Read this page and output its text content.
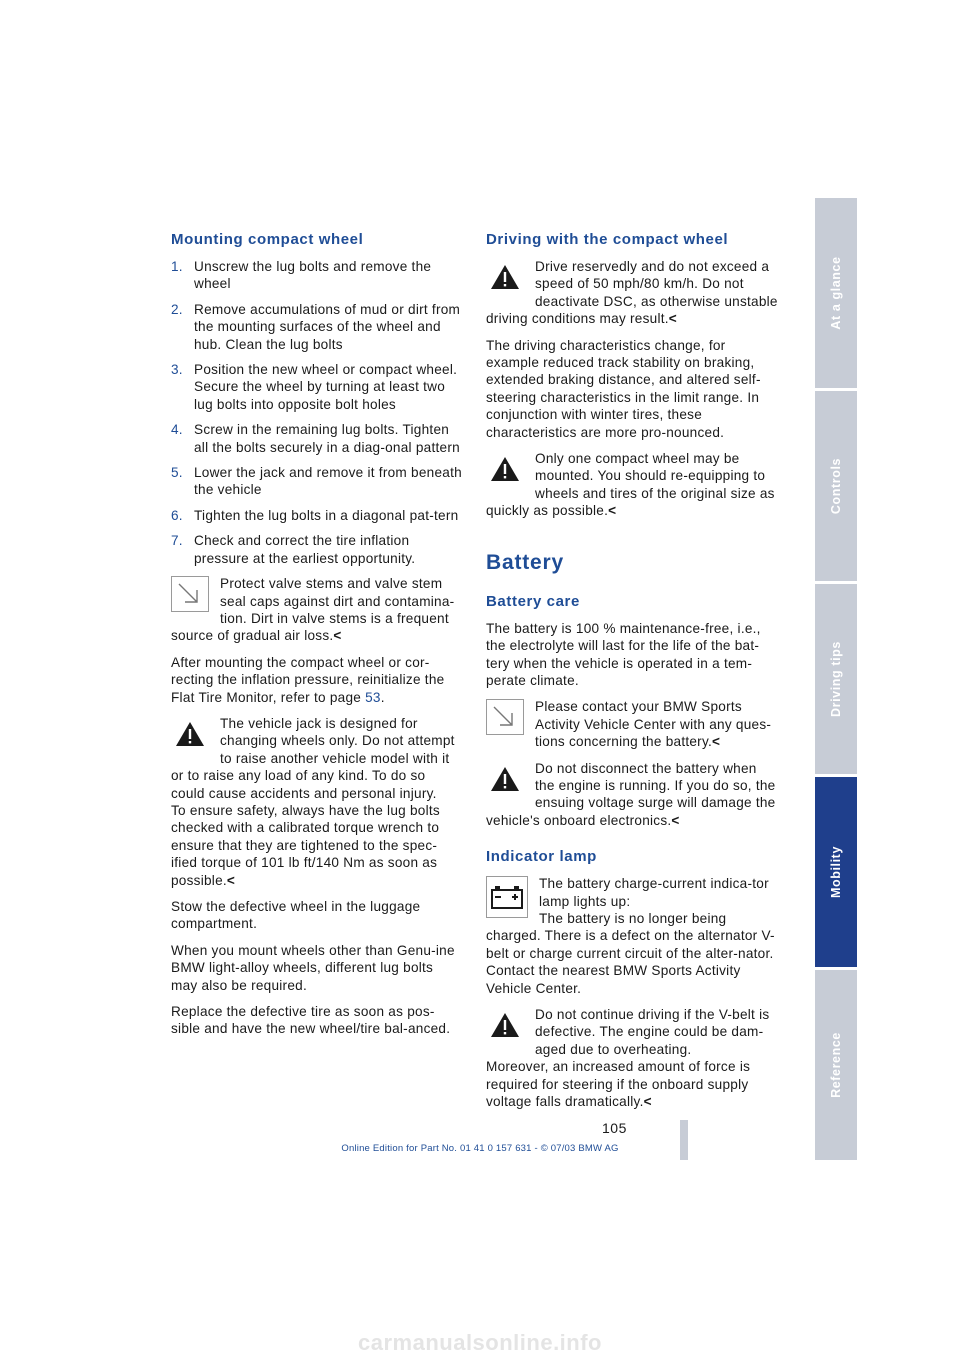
Mounting compact wheel
1. Unscrew the lug bolts and remove the wheel
2. Remove accumulations of mud or dirt from the mounting surfaces of the wheel and hub. Clean the lug bolts
3. Position the new wheel or compact wheel. Secure the wheel by turning at least two lug bolts into opposite bolt holes
4. Screw in the remaining lug bolts. Tighten all the bolts securely in a diag-onal pattern
5. Lower the jack and remove it from beneath the vehicle
6. Tighten the lug bolts in a diagonal pat-tern
7. Check and correct the tire inflation pressure at the earliest opportunity.
Protect valve stems and valve stem seal caps against dirt and contamina-tion. Dirt in valve stems is a frequent source of gradual air loss.<

After mounting the compact wheel or cor-recting the inflation pressure, reinitialize the Flat Tire Monitor, refer to page 53.

The vehicle jack is designed for changing wheels only. Do not attempt to raise another vehicle model with it or to raise any load of any kind. To do so could cause accidents and personal injury.
To ensure safety, always have the lug bolts checked with a calibrated torque wrench to ensure that they are tightened to the spec-ified torque of 101 lb ft/140 Nm as soon as possible.<

Stow the defective wheel in the luggage compartment.

When you mount wheels other than Genu-ine BMW light-alloy wheels, different lug bolts may also be required.

Replace the defective tire as soon as pos-sible and have the new wheel/tire bal-anced.

Driving with the compact wheel
Drive reservedly and do not exceed a speed of 50 mph/80 km/h. Do not deactivate DSC, as otherwise unstable driving conditions may result.<

The driving characteristics change, for example reduced track stability on braking, extended braking distance, and altered self-steering characteristics in the limit range. In conjunction with winter tires, these characteristics are more pro-nounced.

Only one compact wheel may be mounted. You should re-equipping to wheels and tires of the original size as quickly as possible.<
Battery
Battery care

The battery is 100 % maintenance-free, i.e., the electrolyte will last for the life of the bat-tery when the vehicle is operated in a tem-perate climate.

Please contact your BMW Sports Activity Vehicle Center with any ques-tions concerning the battery.<
Do not disconnect the battery when the engine is running. If you do so, the ensuing voltage surge will damage the vehicle's onboard electronics.<
Indicator lamp
The battery charge-current indica-tor lamp lights up:
The battery is no longer being charged. There is a defect on the alternator V-belt or charge current circuit of the alter-nator. Contact the nearest BMW Sports Activity Vehicle Center.
Do not continue driving if the V-belt is defective. The engine could be dam-aged due to overheating.
Moreover, an increased amount of force is required for steering if the onboard supply voltage falls dramatically.<
At a glance
Controls
Driving tips
Mobility
Reference
105
Online Edition for Part No. 01 41 0 157 631 - © 07/03 BMW AG
carmanualsonline.info
